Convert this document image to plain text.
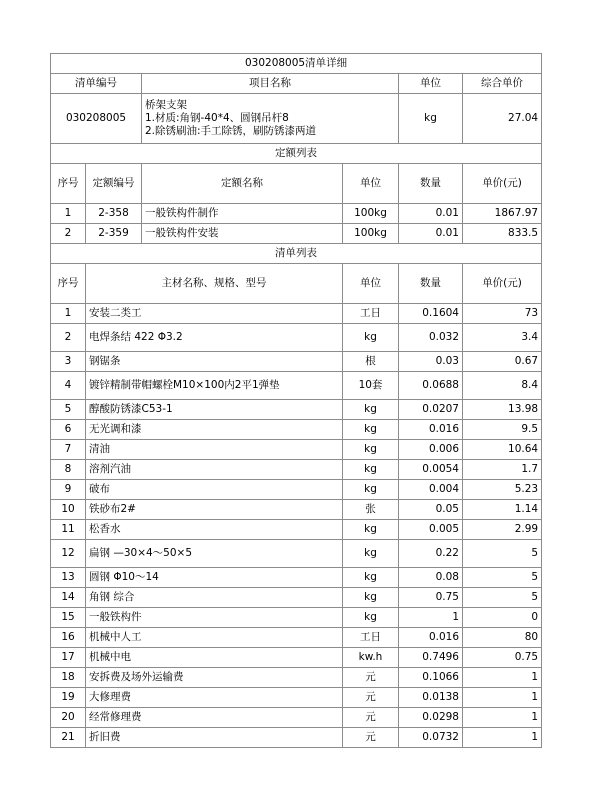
030208005清单详细						
清单编号		项目名称		单位	综合单价	
030208005		桥架支架
1.材质:角钢-40*4、圆钢吊杆8
2.除锈刷油:手工除锈，刷防锈漆两道		kg	27.04	
定额列表						
序号	定额编号	定额名称	单位	数量	单价(元)	
1	2-358	一般铁构件制作	100kg	0.01	1867.97	
2	2-359	一般铁构件安装	100kg	0.01	833.5	
清单列表						
序号	主材名称、规格、型号		单位	数量	单价(元)	
1	安装二类工		工日	0.1604	73	
2	电焊条结 422 Φ3.2		kg	0.032	3.4	
3	钢锯条		根	0.03	0.67	
4	镀锌精制带帽螺栓M10×100内2平1弹垫		10套	0.0688	8.4	
5	醇酸防锈漆C53-1		kg	0.0207	13.98	
6	无光调和漆		kg	0.016	9.5	
7	清油		kg	0.006	10.64	
8	溶剂汽油		kg	0.0054	1.7	
9	破布		kg	0.004	5.23	
10	铁砂布2#		张	0.05	1.14	
11	松香水		kg	0.005	2.99	
12	扁钢 —30×4～50×5		kg	0.22	5	
13	圆钢 Φ10～14		kg	0.08	5	
14	角钢 综合		kg	0.75	5	
15	一般铁构件		kg	1	0	
16	机械中人工		工日	0.016	80	
17	机械中电		kw.h	0.7496	0.75	
18	安拆费及场外运输费		元	0.1066	1	
19	大修理费		元	0.0138	1	
20	经常修理费		元	0.0298	1	
21	折旧费		元	0.0732	1	
